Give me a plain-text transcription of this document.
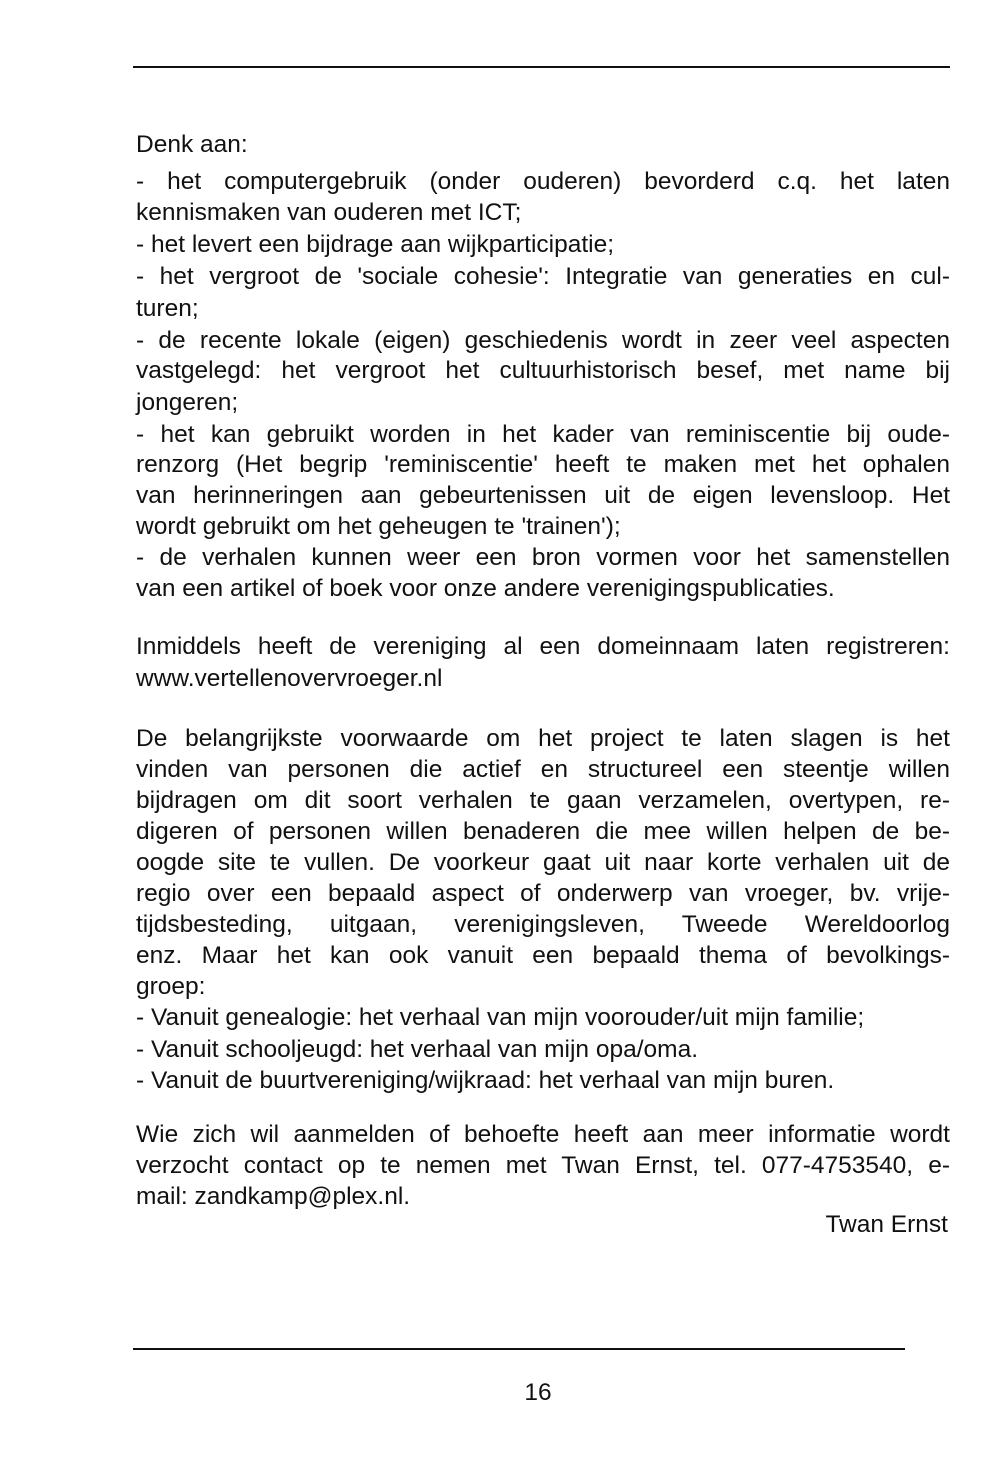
Denk aan:
- het computergebruik (onder ouderen) bevorderd c.q. het laten
kennismaken van ouderen met ICT;
- het levert een bijdrage aan wijkparticipatie;
- het vergroot de 'sociale cohesie': Integratie van generaties en cul-
turen;
- de recente lokale (eigen) geschiedenis wordt in zeer veel aspecten
vastgelegd: het vergroot het cultuurhistorisch besef, met name bij
jongeren;
- het kan gebruikt worden in het kader van reminiscentie bij oude-
renzorg (Het begrip 'reminiscentie' heeft te maken met het ophalen
van herinneringen aan gebeurtenissen uit de eigen levensloop. Het
wordt gebruikt om het geheugen te 'trainen');
- de verhalen kunnen weer een bron vormen voor het samenstellen
van een artikel of boek voor onze andere verenigingspublicaties.
Inmiddels heeft de vereniging al een domeinnaam laten registreren:
www.vertellenovervroeger.nl
De belangrijkste voorwaarde om het project te laten slagen is het
vinden van personen die actief en structureel een steentje willen
bijdragen om dit soort verhalen te gaan verzamelen, overtypen, re-
digeren of personen willen benaderen die mee willen helpen de be-
oogde site te vullen. De voorkeur gaat uit naar korte verhalen uit de
regio over een bepaald aspect of onderwerp van vroeger, bv. vrije-
tijdsbesteding, uitgaan, verenigingsleven, Tweede Wereldoorlog
enz. Maar het kan ook vanuit een bepaald thema of bevolkings-
groep:
- Vanuit genealogie: het verhaal van mijn voorouder/uit mijn familie;
- Vanuit schooljeugd: het verhaal van mijn opa/oma.
- Vanuit de buurtvereniging/wijkraad: het verhaal van mijn buren.
Wie zich wil aanmelden of behoefte heeft aan meer informatie wordt
verzocht contact op te nemen met Twan Ernst, tel. 077-4753540, e-
mail: zandkamp@plex.nl.
Twan Ernst
16
